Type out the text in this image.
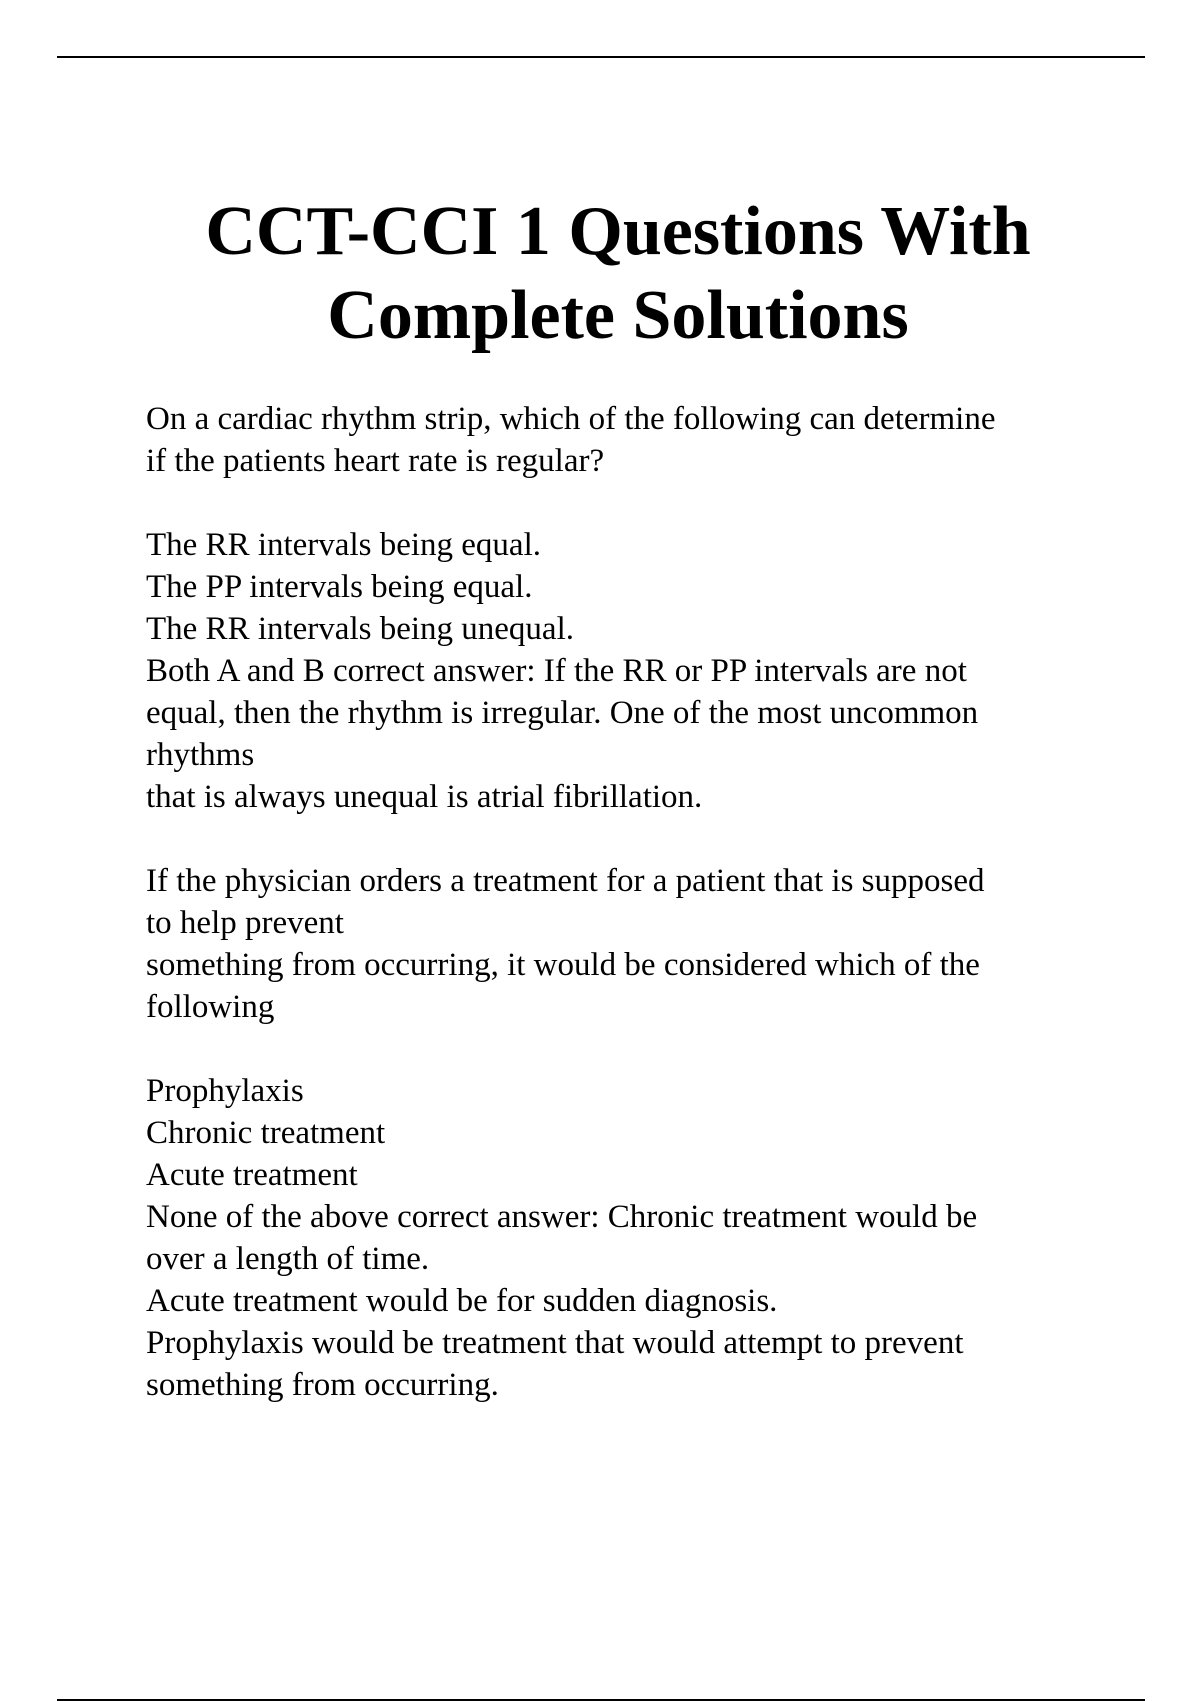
CCT-CCI 1 Questions With
Complete Solutions
On a cardiac rhythm strip, which of the following can determine
if the patients heart rate is regular?
The RR intervals being equal.
The PP intervals being equal.
The RR intervals being unequal.
Both A and B correct answer: If the RR or PP intervals are not
equal, then the rhythm is irregular. One of the most uncommon
rhythms
that is always unequal is atrial fibrillation.
If the physician orders a treatment for a patient that is supposed
to help prevent
something from occurring, it would be considered which of the
following
Prophylaxis
Chronic treatment
Acute treatment
None of the above correct answer: Chronic treatment would be
over a length of time.
Acute treatment would be for sudden diagnosis.
Prophylaxis would be treatment that would attempt to prevent
something from occurring.
